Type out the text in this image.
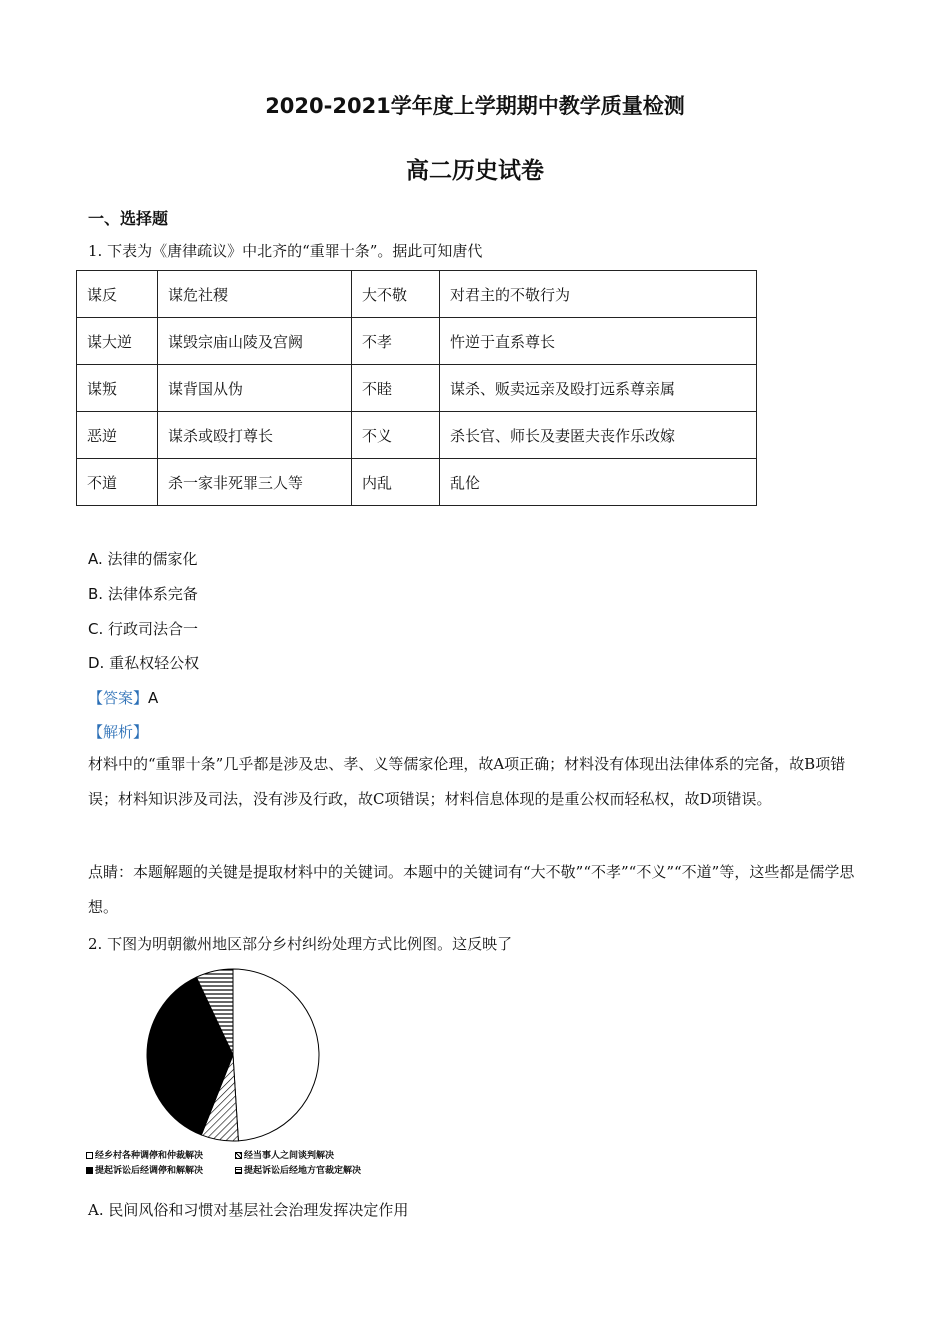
2020-2021学年度上学期期中教学质量检测
高二历史试卷
一、选择题
1. 下表为《唐律疏议》中北齐的“重罪十条”。据此可知唐代
谋反	谋危社稷	大不敬	对君主的不敬行为
谋大逆	谋毁宗庙山陵及宫阙	不孝	忤逆于直系尊长
谋叛	谋背国从伪	不睦	谋杀、贩卖远亲及殴打远系尊亲属
恶逆	谋杀或殴打尊长	不义	杀长官、师长及妻匿夫丧作乐改嫁
不道	杀一家非死罪三人等	内乱	乱伦
A. 法律的儒家化
B. 法律体系完备
C. 行政司法合一
D. 重私权轻公权
【答案】A
【解析】
材料中的“重罪十条”几乎都是涉及忠、孝、义等儒家伦理，故A项正确；材料没有体现出法律体系的完备，故B项错误；材料知识涉及司法，没有涉及行政，故C项错误；材料信息体现的是重公权而轻私权，故D项错误。
点睛：本题解题的关键是提取材料中的关键词。本题中的关键词有“大不敬”“不孝”“不义”“不道”等，这些都是儒学思想。
2. 下图为明朝徽州地区部分乡村纠纷处理方式比例图。这反映了
经乡村各种调停和仲裁解决	经当事人之间谈判解决
提起诉讼后经调停和解解决	提起诉讼后经地方官裁定解决
A. 民间风俗和习惯对基层社会治理发挥决定作用
